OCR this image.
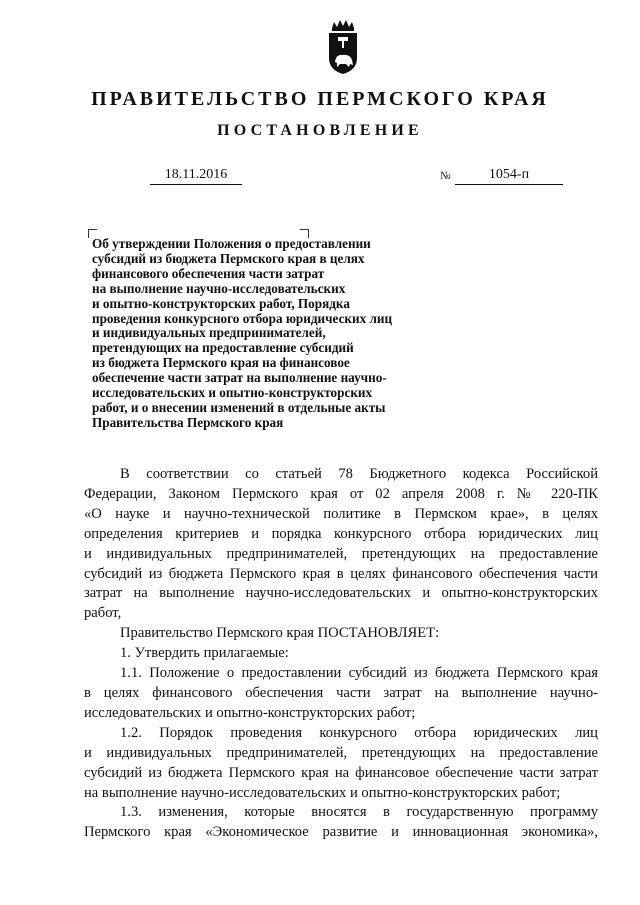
ПРАВИТЕЛЬСТВО ПЕРМСКОГО КРАЯ
ПОСТАНОВЛЕНИЕ
18.11.2016	№	1054-п
Об утверждении Положения о предоставлении
субсидий из бюджета Пермского края в целях
финансового обеспечения части затрат
на выполнение научно-исследовательских
и опытно-конструкторских работ, Порядка
проведения конкурсного отбора юридических лиц
и индивидуальных предпринимателей,
претендующих на предоставление субсидий
из бюджета Пермского края на финансовое
обеспечение части затрат на выполнение научно-
исследовательских и опытно-конструкторских
работ, и о внесении изменений в отдельные акты
Правительства Пермского края
В соответствии со статьей 78 Бюджетного кодекса Российской
Федерации, Законом Пермского края от 02 апреля 2008 г. № 220-ПК
«О науке и научно-технической политике в Пермском крае», в целях
определения критериев и порядка конкурсного отбора юридических лиц
и индивидуальных предпринимателей, претендующих на предоставление
субсидий из бюджета Пермского края в целях финансового обеспечения части
затрат на выполнение научно-исследовательских и опытно-конструкторских
работ,
Правительство Пермского края ПОСТАНОВЛЯЕТ:
1. Утвердить прилагаемые:
1.1. Положение о предоставлении субсидий из бюджета Пермского края
в целях финансового обеспечения части затрат на выполнение научно-
исследовательских и опытно-конструкторских работ;
1.2. Порядок проведения конкурсного отбора юридических лиц
и индивидуальных предпринимателей, претендующих на предоставление
субсидий из бюджета Пермского края на финансовое обеспечение части затрат
на выполнение научно-исследовательских и опытно-конструкторских работ;
1.3. изменения, которые вносятся в государственную программу
Пермского края «Экономическое развитие и инновационная экономика»,
